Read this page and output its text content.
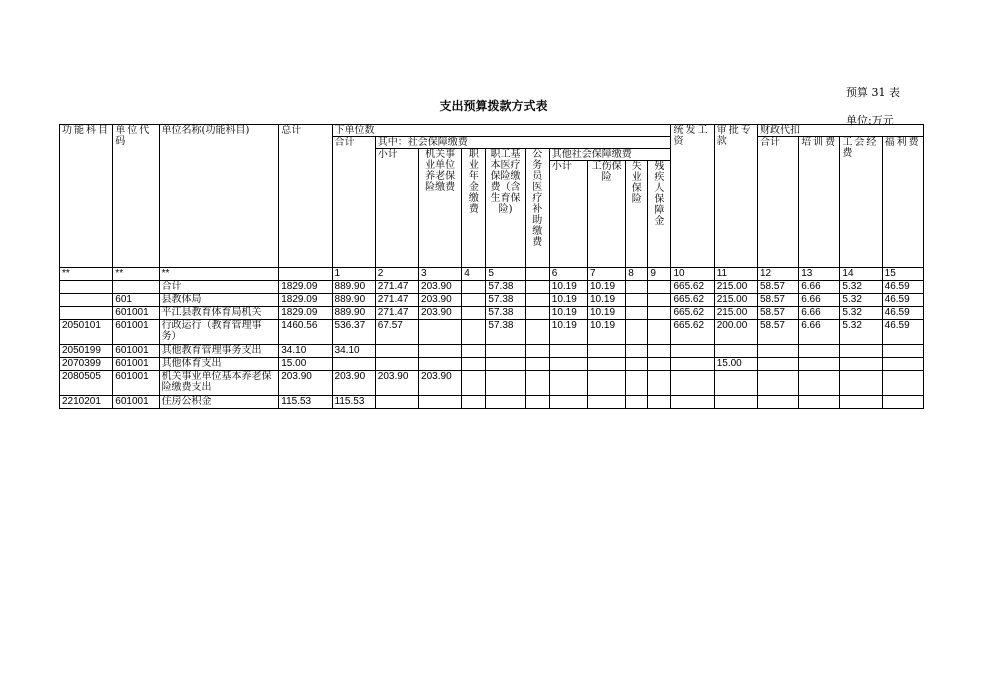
预算 31 表
支出预算拨款方式表
单位:万元
功能科目	单位代码	单位名称(功能科目)	总计	下单位数										统发工资	审批专款	财政代扣			
				合计	其中：社会保障缴费											合计	培训费	工会经费	福利费
					小计	机关事业单位养老保险缴费	职业年金缴费	职工基本医疗保险缴费（含生育保险)	公务员医疗补助缴费	其他社会保障缴费									
										小计	工伤保险	失业保险	残疾人保障金						
**	**	**		1	2	3	4	5		6	7	8	9	10	11	12	13	14	15
		合计	1829.09	889.90	271.47	203.90		57.38		10.19	10.19			665.62	215.00	58.57	6.66	5.32	46.59
	601	县教体局	1829.09	889.90	271.47	203.90		57.38		10.19	10.19			665.62	215.00	58.57	6.66	5.32	46.59
	601001	平江县教育体育局机关	1829.09	889.90	271.47	203.90		57.38		10.19	10.19			665.62	215.00	58.57	6.66	5.32	46.59
2050101	601001	行政运行（教育管理事务）	1460.56	536.37	67.57			57.38		10.19	10.19			665.62	200.00	58.57	6.66	5.32	46.59
2050199	601001	其他教育管理事务支出	34.10	34.10															
2070399	601001	其他体育支出	15.00												15.00				
2080505	601001	机关事业单位基本养老保险缴费支出	203.90	203.90	203.90	203.90													
2210201	601001	住房公积金	115.53	115.53															
